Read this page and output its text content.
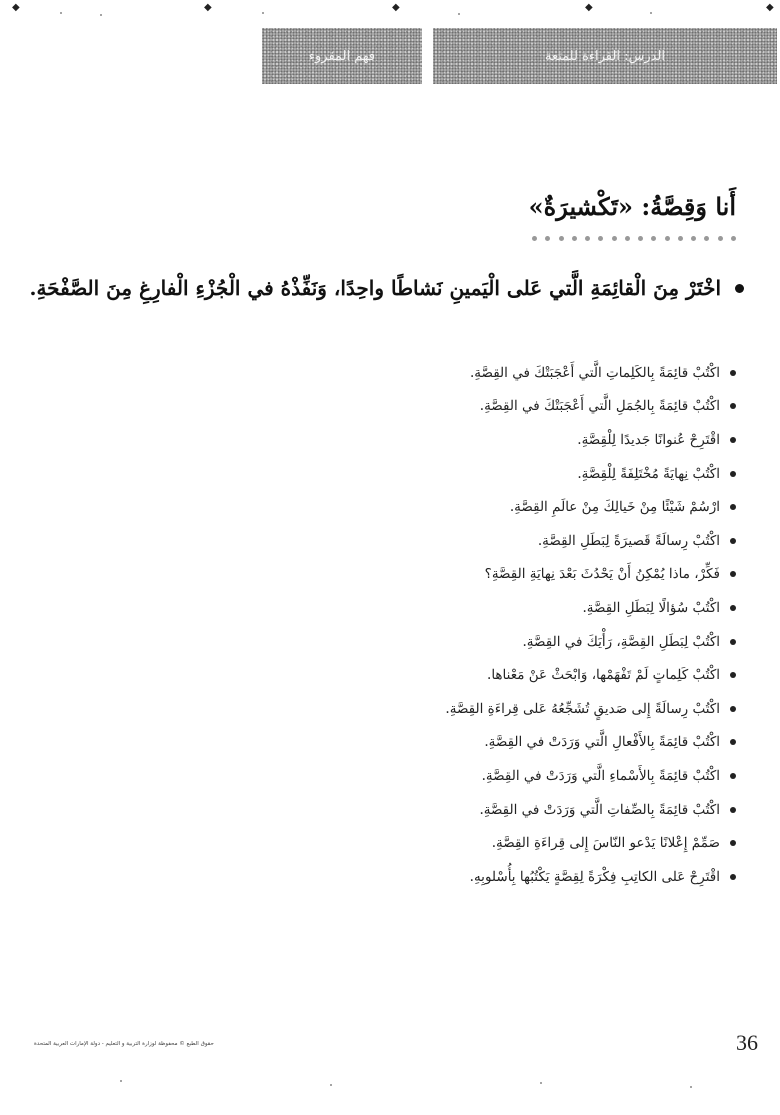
◆	◆	◆	◆	◆
فهم المقروء	الدرس: القراءة للمتعة
أَنا وَقِصَّةُ: «تَكْشيرَةٌ»
اخْتَرْ مِنَ الْقائِمَةِ الَّتي عَلى الْيَمينِ نَشاطًا واحِدًا، وَنَفِّذْهُ في الْجُزْءِ الْفارِغِ مِنَ الصَّفْحَةِ.
اكْتُبْ قائِمَةً بِالكَلِماتِ الَّتي أَعْجَبَتْكَ في القِصَّةِ.
اكْتُبْ قائِمَةً بِالجُمَلِ الَّتي أَعْجَبَتْكَ في القِصَّةِ.
اقْتَرِحْ عُنوانًا جَديدًا لِلْقِصَّةِ.
اكْتُبْ نِهايَةً مُخْتَلِفَةً لِلْقِصَّةِ.
ارْسُمْ شَيْئًا مِنْ خَيالِكَ مِنْ عالَمِ القِصَّةِ.
اكْتُبْ رِسالَةً قَصيرَةً لِبَطَلِ القِصَّةِ.
فَكِّرْ، ماذا يُمْكِنُ أَنْ يَحْدُثَ بَعْدَ نِهايَةِ القِصَّةِ؟
اكْتُبْ سُؤالًا لِبَطَلِ القِصَّةِ.
اكْتُبْ لِبَطَلِ القِصَّةِ، رَأْيَكَ في القِصَّةِ.
اكْتُبْ كَلِماتٍ لَمْ تَفْهَمْها، وَابْحَثْ عَنْ مَعْناها.
اكْتُبْ رِسالَةً إِلى صَديقٍ تُشَجِّعُهُ عَلى قِراءَةِ القِصَّةِ.
اكْتُبْ قائِمَةً بِالأَفْعالِ الَّتي وَرَدَتْ في القِصَّةِ.
اكْتُبْ قائِمَةً بِالأَسْماءِ الَّتي وَرَدَتْ في القِصَّةِ.
اكْتُبْ قائِمَةً بِالصِّفاتِ الَّتي وَرَدَتْ في القِصَّةِ.
صَمِّمْ إِعْلانًا يَدْعو النّاسَ إِلى قِراءَةِ القِصَّةِ.
اقْتَرِحْ عَلى الكاتِبِ فِكْرَةً لِقِصَّةٍ يَكْتُبُها بِأُسْلوبِهِ.
حقوق الطبع © محفوظة لوزارة التربية و التعليم - دولة الإمارات العربية المتحدة	36
